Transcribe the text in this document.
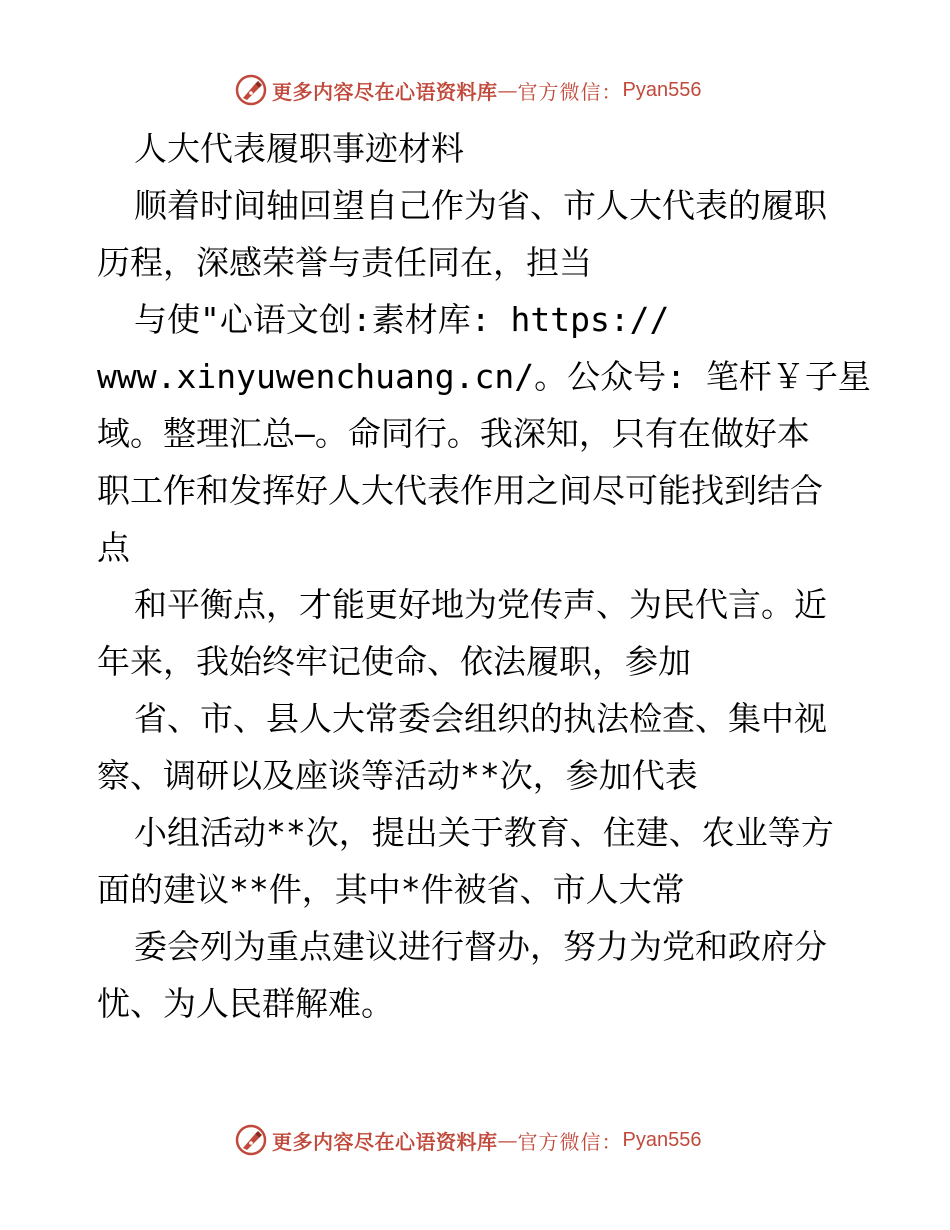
更多内容尽在心语资料库 — 官方微信： Pyan556
人大代表履职事迹材料
顺着时间轴回望自己作为省、市人大代表的履职
历程，深感荣誉与责任同在，担当
与使"心语文创:素材库: https://
www.xinyuwenchuang.cn/。公众号: 笔杆￥子星
域。整理汇总—。命同行。我深知，只有在做好本
职工作和发挥好人大代表作用之间尽可能找到结合
点
和平衡点，才能更好地为党传声、为民代言。近
年来，我始终牢记使命、依法履职，参加
省、市、县人大常委会组织的执法检查、集中视
察、调研以及座谈等活动**次，参加代表
小组活动**次，提出关于教育、住建、农业等方
面的建议**件，其中*件被省、市人大常
委会列为重点建议进行督办，努力为党和政府分
忧、为人民群解难。
更多内容尽在心语资料库 — 官方微信： Pyan556
